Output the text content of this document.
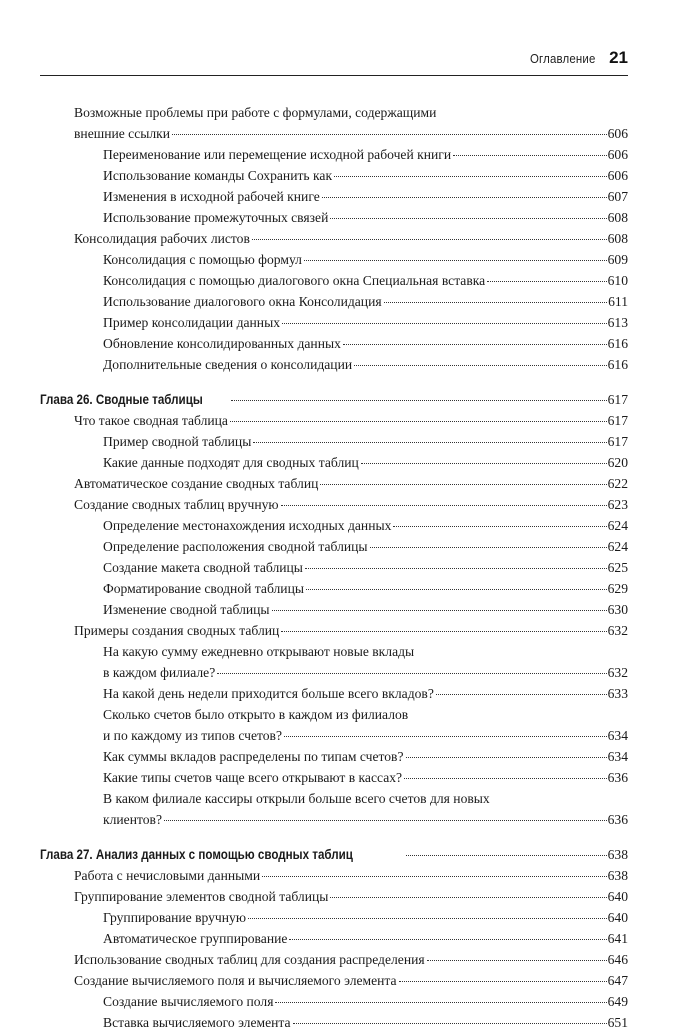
Оглавление 21
Возможные проблемы при работе с формулами, содержащими
внешние ссылки	606
Переименование или перемещение исходной рабочей книги	606
Использование команды Сохранить как	606
Изменения в исходной рабочей книге	607
Использование промежуточных связей	608
Консолидация рабочих листов	608
Консолидация с помощью формул	609
Консолидация с помощью диалогового окна Специальная вставка	610
Использование диалогового окна Консолидация	611
Пример консолидации данных	613
Обновление консолидированных данных	616
Дополнительные сведения о консолидации	616
Глава 26. Сводные таблицы	617
Что такое сводная таблица	617
Пример сводной таблицы	617
Какие данные подходят для сводных таблиц	620
Автоматическое создание сводных таблиц	622
Создание сводных таблиц вручную	623
Определение местонахождения исходных данных	624
Определение расположения сводной таблицы	624
Создание макета сводной таблицы	625
Форматирование сводной таблицы	629
Изменение сводной таблицы	630
Примеры создания сводных таблиц	632
На какую сумму ежедневно открывают новые вклады
в каждом филиале?	632
На какой день недели приходится больше всего вкладов?	633
Сколько счетов было открыто в каждом из филиалов
и по каждому из типов счетов?	634
Как суммы вкладов распределены по типам счетов?	634
Какие типы счетов чаще всего открывают в кассах?	636
В каком филиале кассиры открыли больше всего счетов для новых
клиентов?	636
Глава 27. Анализ данных с помощью сводных таблиц	638
Работа с нечисловыми данными	638
Группирование элементов сводной таблицы	640
Группирование вручную	640
Автоматическое группирование	641
Использование сводных таблиц для создания распределения	646
Создание вычисляемого поля и вычисляемого элемента	647
Создание вычисляемого поля	649
Вставка вычисляемого элемента	651
